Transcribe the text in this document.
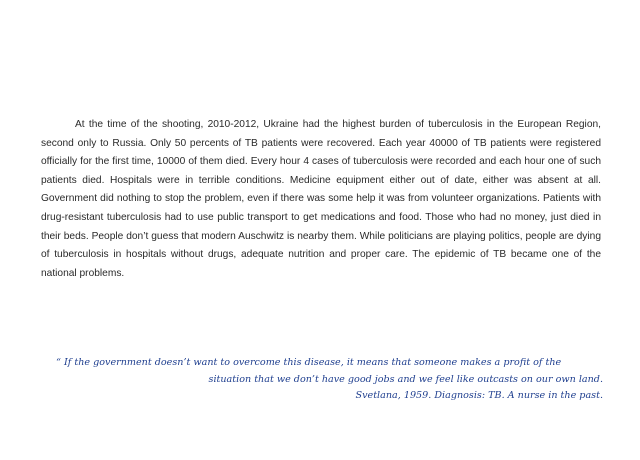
At the time of the shooting, 2010-2012, Ukraine had the highest burden of tuberculosis in the European Region, second only to Russia. Only 50 percents of TB patients were recovered. Each year 40000 of TB patients were registered officially for the first time, 10000 of them died. Every hour 4 cases of tuberculosis were recorded and each hour one of such patients died. Hospitals were in terrible conditions. Medicine equipment either out of date, either was absent at all. Government did nothing to stop the problem, even if there was some help it was from volunteer organizations. Patients with drug-resistant tuberculosis had to use public transport to get medications and food. Those who had no money, just died in their beds. People don’t guess that modern Auschwitz is nearby them. While politicians are playing politics, people are dying of tuberculosis in hospitals without drugs, adequate nutrition and proper care. The epidemic of TB became one of the national problems.

“ If the government doesn’t want to overcome this disease, it means that someone makes a profit of the
situation that we don’t have good jobs and we feel like outcasts on our own land.
Svetlana, 1959. Diagnosis: TB. A nurse in the past.
